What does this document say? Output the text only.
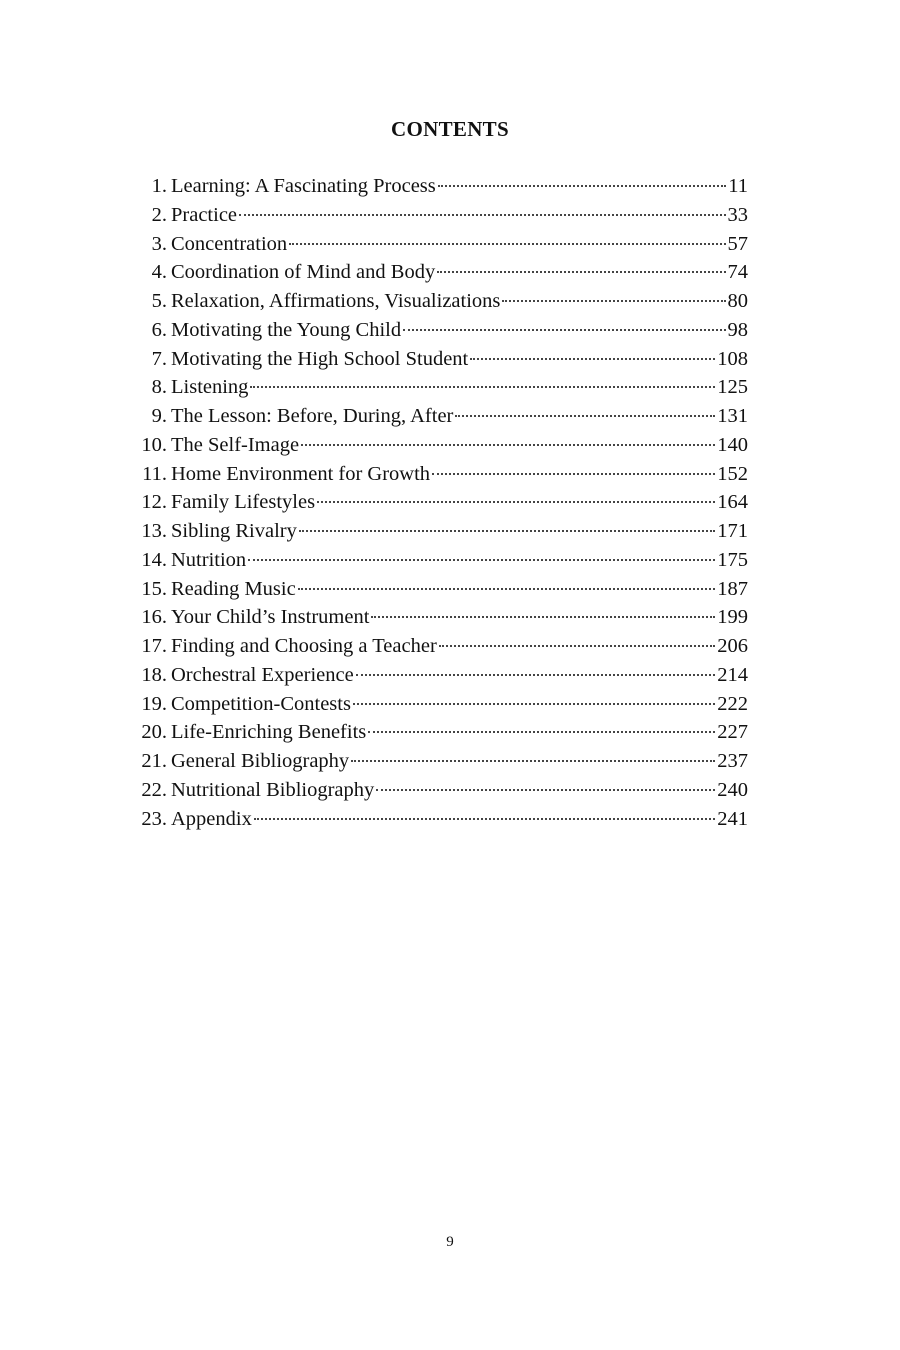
CONTENTS
1. Learning: A Fascinating Process	11
2. Practice	33
3. Concentration	57
4. Coordination of Mind and Body	74
5. Relaxation, Affirmations, Visualizations	80
6. Motivating the Young Child	98
7. Motivating the High School Student	108
8. Listening	125
9. The Lesson: Before, During, After	131
10. The Self-Image	140
11. Home Environment for Growth	152
12. Family Lifestyles	164
13. Sibling Rivalry	171
14. Nutrition	175
15. Reading Music	187
16. Your Child’s Instrument	199
17. Finding and Choosing a Teacher	206
18. Orchestral Experience	214
19. Competition-Contests	222
20. Life-Enriching Benefits	227
21. General Bibliography	237
22. Nutritional Bibliography	240
23. Appendix	241
9
